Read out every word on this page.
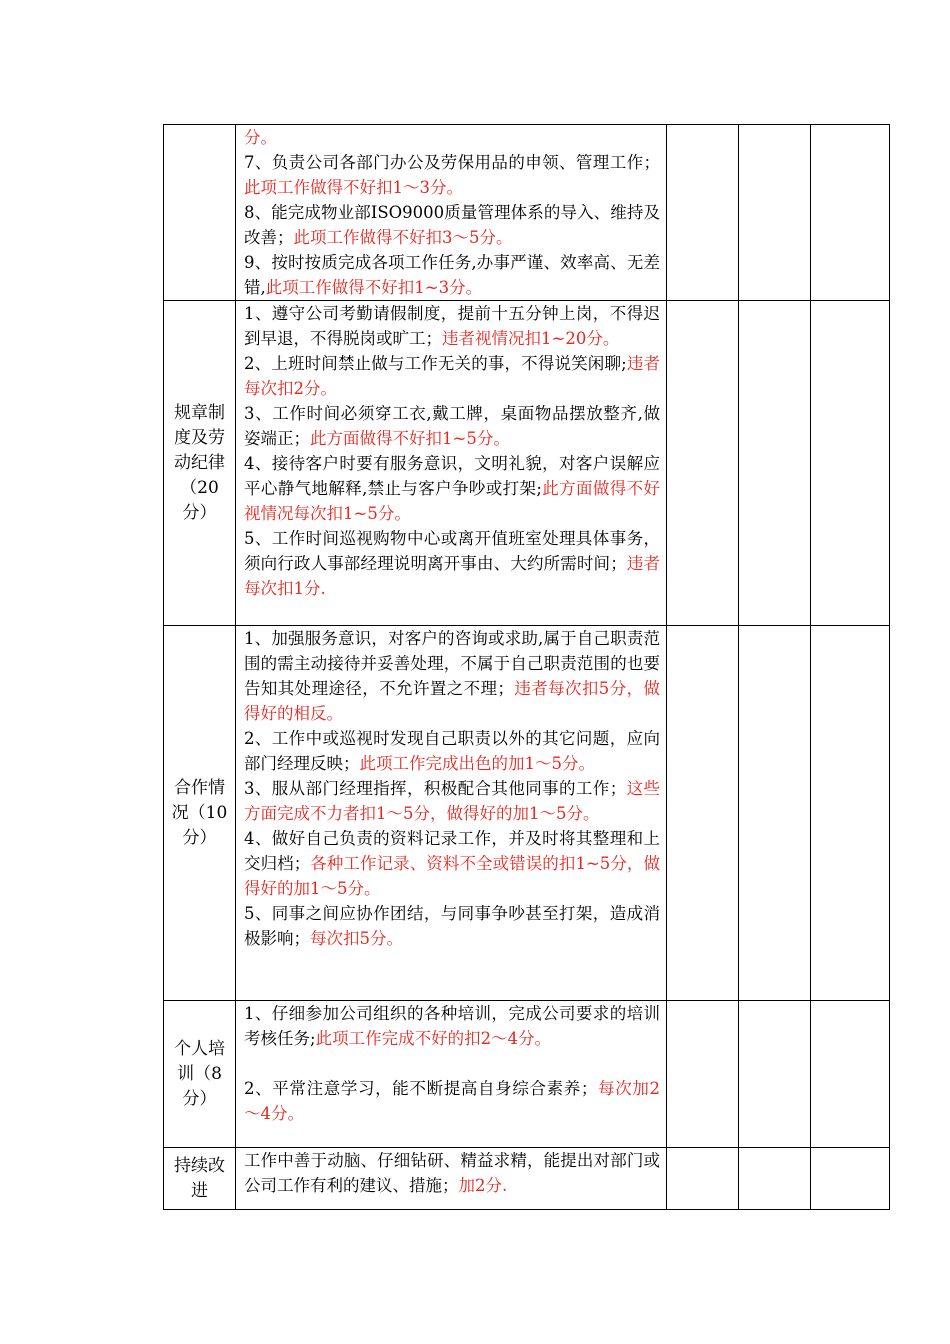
	分。

7、负责公司各部门办公及劳保用品的申领、管理工作；此项工作做得不好扣1～3分。

8、能完成物业部ISO9000质量管理体系的导入、维持及改善；此项工作做得不好扣3～5分。

9、按时按质完成各项工作任务,办事严谨、效率高、无差错,此项工作做得不好扣1~3分。			

规章制度及劳动纪律（20分）	1、遵守公司考勤请假制度，提前十五分钟上岗，不得迟到早退，不得脱岗或旷工；违者视情况扣1~20分。

2、上班时间禁止做与工作无关的事，不得说笑闲聊;违者每次扣2分。

3、工作时间必须穿工衣,戴工牌，桌面物品摆放整齐,做姿端正；此方面做得不好扣1~5分。

4、接待客户时要有服务意识，文明礼貌，对客户误解应平心静气地解释,禁止与客户争吵或打架;此方面做得不好视情况每次扣1~5分。

5、工作时间巡视购物中心或离开值班室处理具体事务，须向行政人事部经理说明离开事由、大约所需时间；违者每次扣1分.			

合作情况（10分）	1、加强服务意识，对客户的咨询或求助,属于自己职责范围的需主动接待并妥善处理，不属于自己职责范围的也要告知其处理途径，不允许置之不理；违者每次扣5分，做得好的相反。

2、工作中或巡视时发现自己职责以外的其它问题，应向部门经理反映；此项工作完成出色的加1～5分。

3、服从部门经理指挥，积极配合其他同事的工作；这些方面完成不力者扣1～5分，做得好的加1～5分。

4、做好自己负责的资料记录工作，并及时将其整理和上交归档；各种工作记录、资料不全或错误的扣1~5分，做得好的加1～5分。

5、同事之间应协作团结，与同事争吵甚至打架，造成消极影响；每次扣5分。			

个人培训（8分）	1、仔细参加公司组织的各种培训，完成公司要求的培训考核任务;此项工作完成不好的扣2～4分。

2、平常注意学习，能不断提高自身综合素养；每次加2～4分。			

持续改进	工作中善于动脑、仔细钻研、精益求精，能提出对部门或公司工作有利的建议、措施；加2分.			
